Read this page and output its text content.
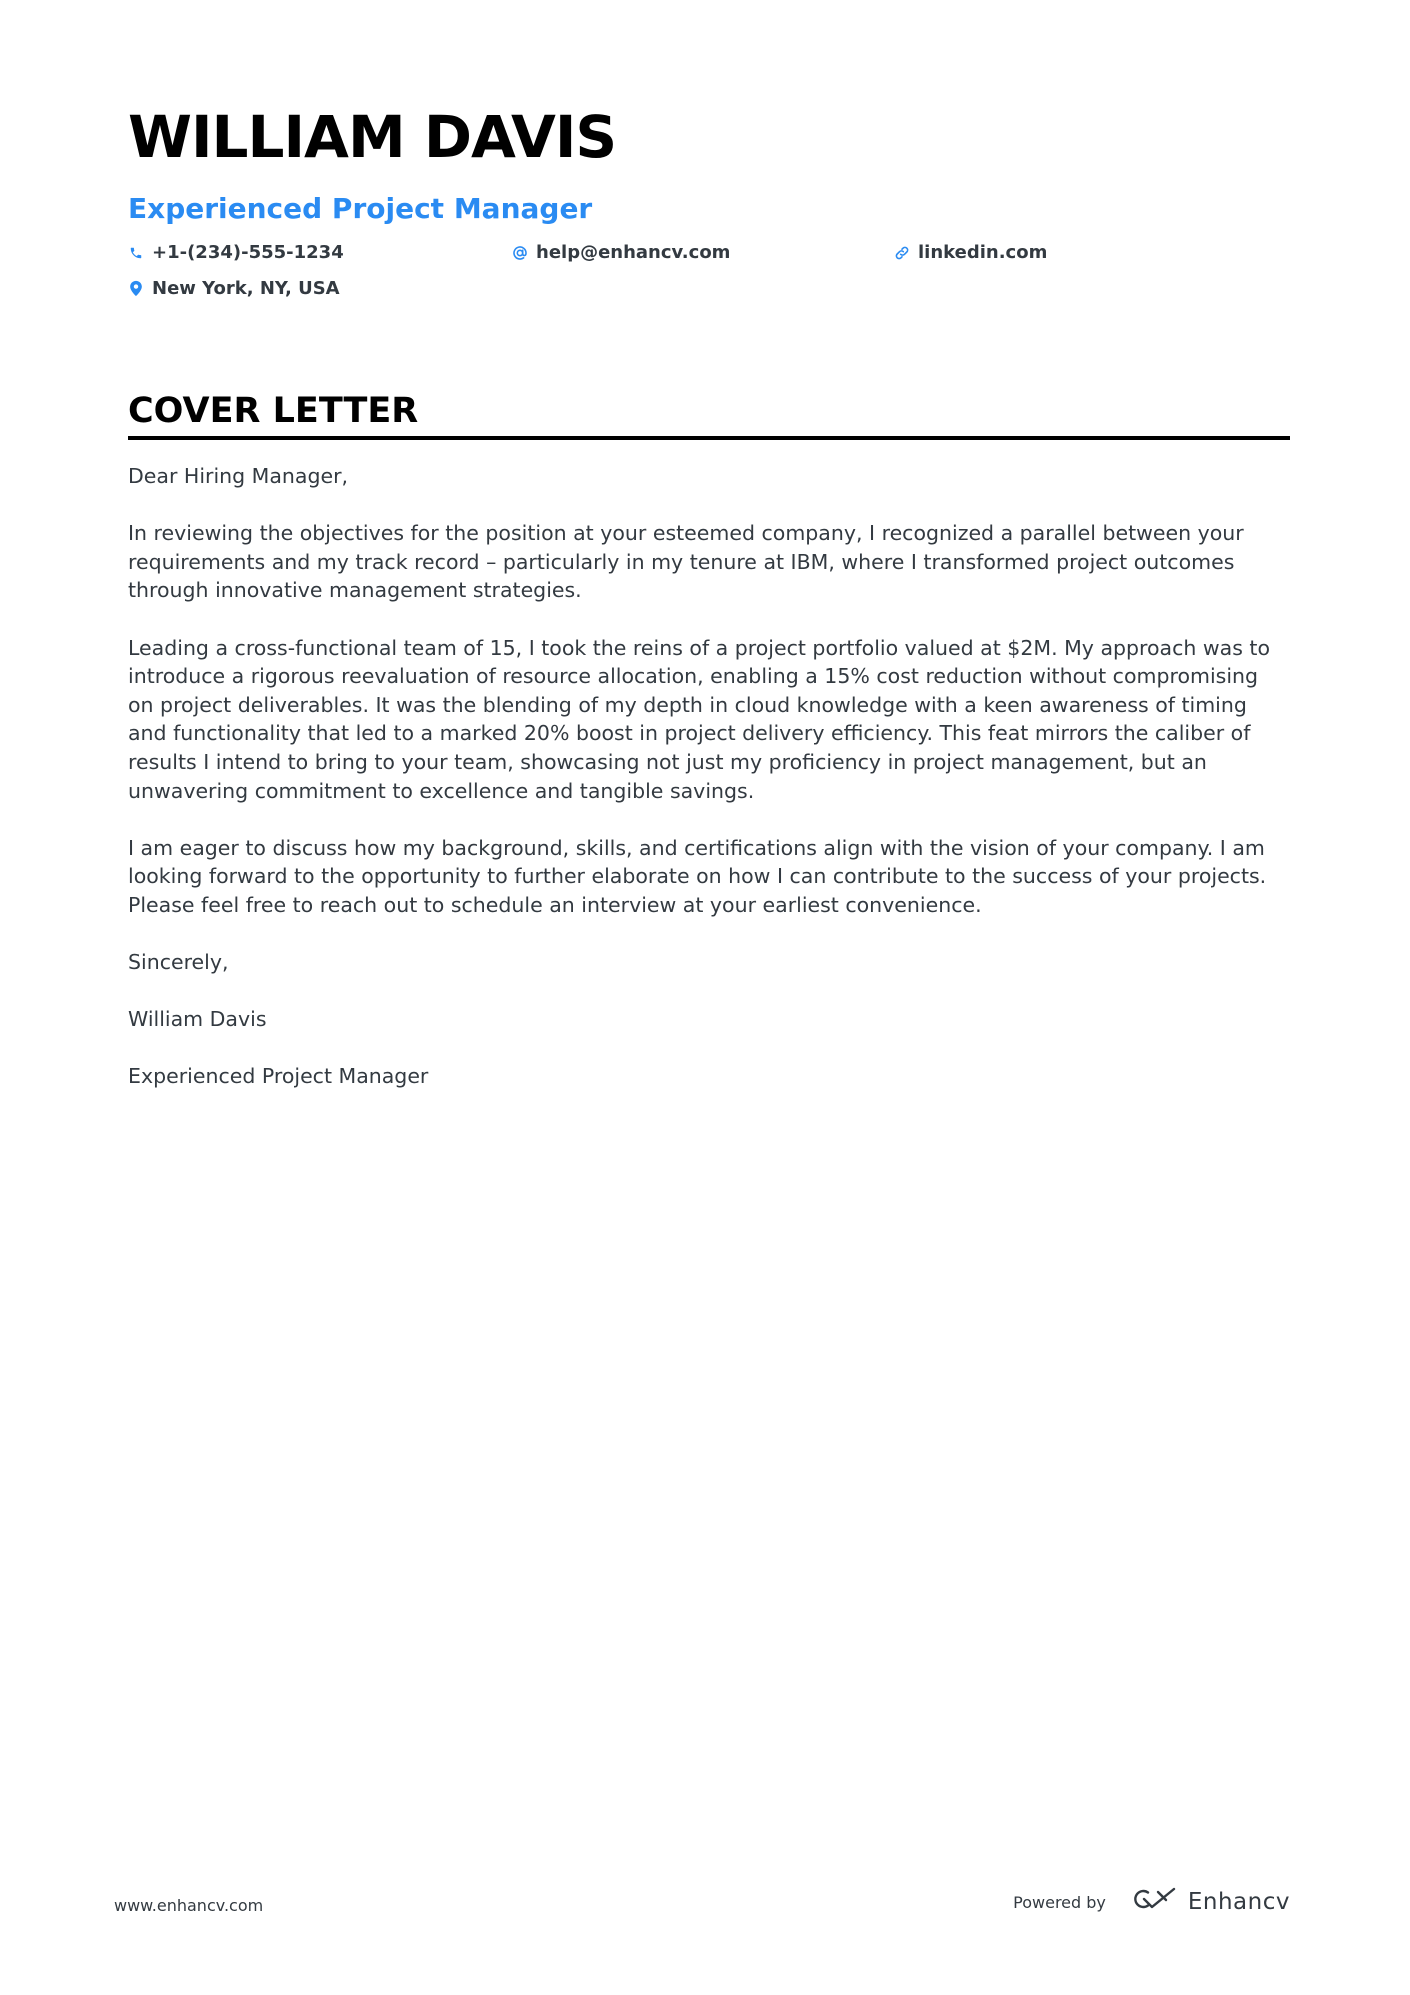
WILLIAM DAVIS
Experienced Project Manager
+1-(234)-555-1234	help@enhancv.com	linkedin.com
New York, NY, USA
COVER LETTER

Dear Hiring Manager,

In reviewing the objectives for the position at your esteemed company, I recognized a parallel between your requirements and my track record – particularly in my tenure at IBM, where I transformed project outcomes through innovative management strategies.

Leading a cross-functional team of 15, I took the reins of a project portfolio valued at $2M. My approach was to introduce a rigorous reevaluation of resource allocation, enabling a 15% cost reduction without compromising on project deliverables. It was the blending of my depth in cloud knowledge with a keen awareness of timing and functionality that led to a marked 20% boost in project delivery efficiency. This feat mirrors the caliber of results I intend to bring to your team, showcasing not just my proficiency in project management, but an unwavering commitment to excellence and tangible savings.

I am eager to discuss how my background, skills, and certifications align with the vision of your company. I am looking forward to the opportunity to further elaborate on how I can contribute to the success of your projects. Please feel free to reach out to schedule an interview at your earliest convenience.

Sincerely,

William Davis

Experienced Project Manager

www.enhancv.com	Powered by	Enhancv
